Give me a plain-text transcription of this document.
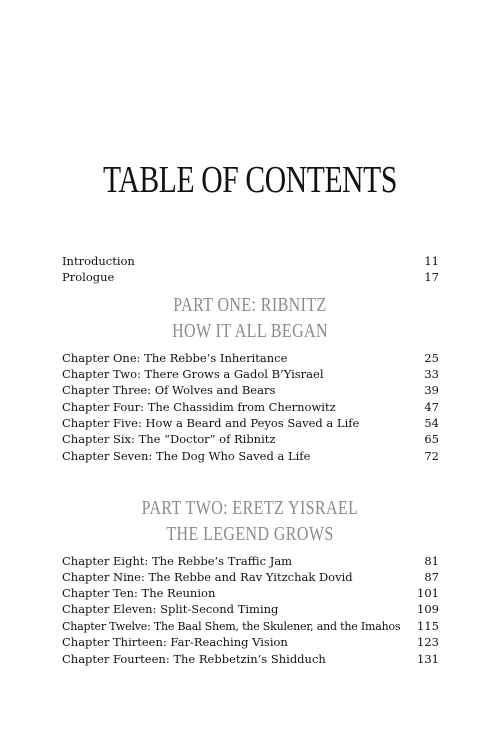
TABLE OF CONTENTS
Introduction	11
Prologue	17
PART ONE: RIBNITZ
HOW IT ALL BEGAN
Chapter One: The Rebbe’s Inheritance	25
Chapter Two: There Grows a Gadol B’Yisrael	33
Chapter Three: Of Wolves and Bears	39
Chapter Four: The Chassidim from Chernowitz	47
Chapter Five: How a Beard and Peyos Saved a Life	54
Chapter Six: The “Doctor” of Ribnitz	65
Chapter Seven: The Dog Who Saved a Life	72
PART TWO: ERETZ YISRAEL
THE LEGEND GROWS
Chapter Eight: The Rebbe’s Traffic Jam	81
Chapter Nine: The Rebbe and Rav Yitzchak Dovid	87
Chapter Ten: The Reunion	101
Chapter Eleven: Split-Second Timing	109
Chapter Twelve: The Baal Shem, the Skulener, and the Imahos 115
Chapter Thirteen: Far-Reaching Vision	123
Chapter Fourteen: The Rebbetzin’s Shidduch	131
